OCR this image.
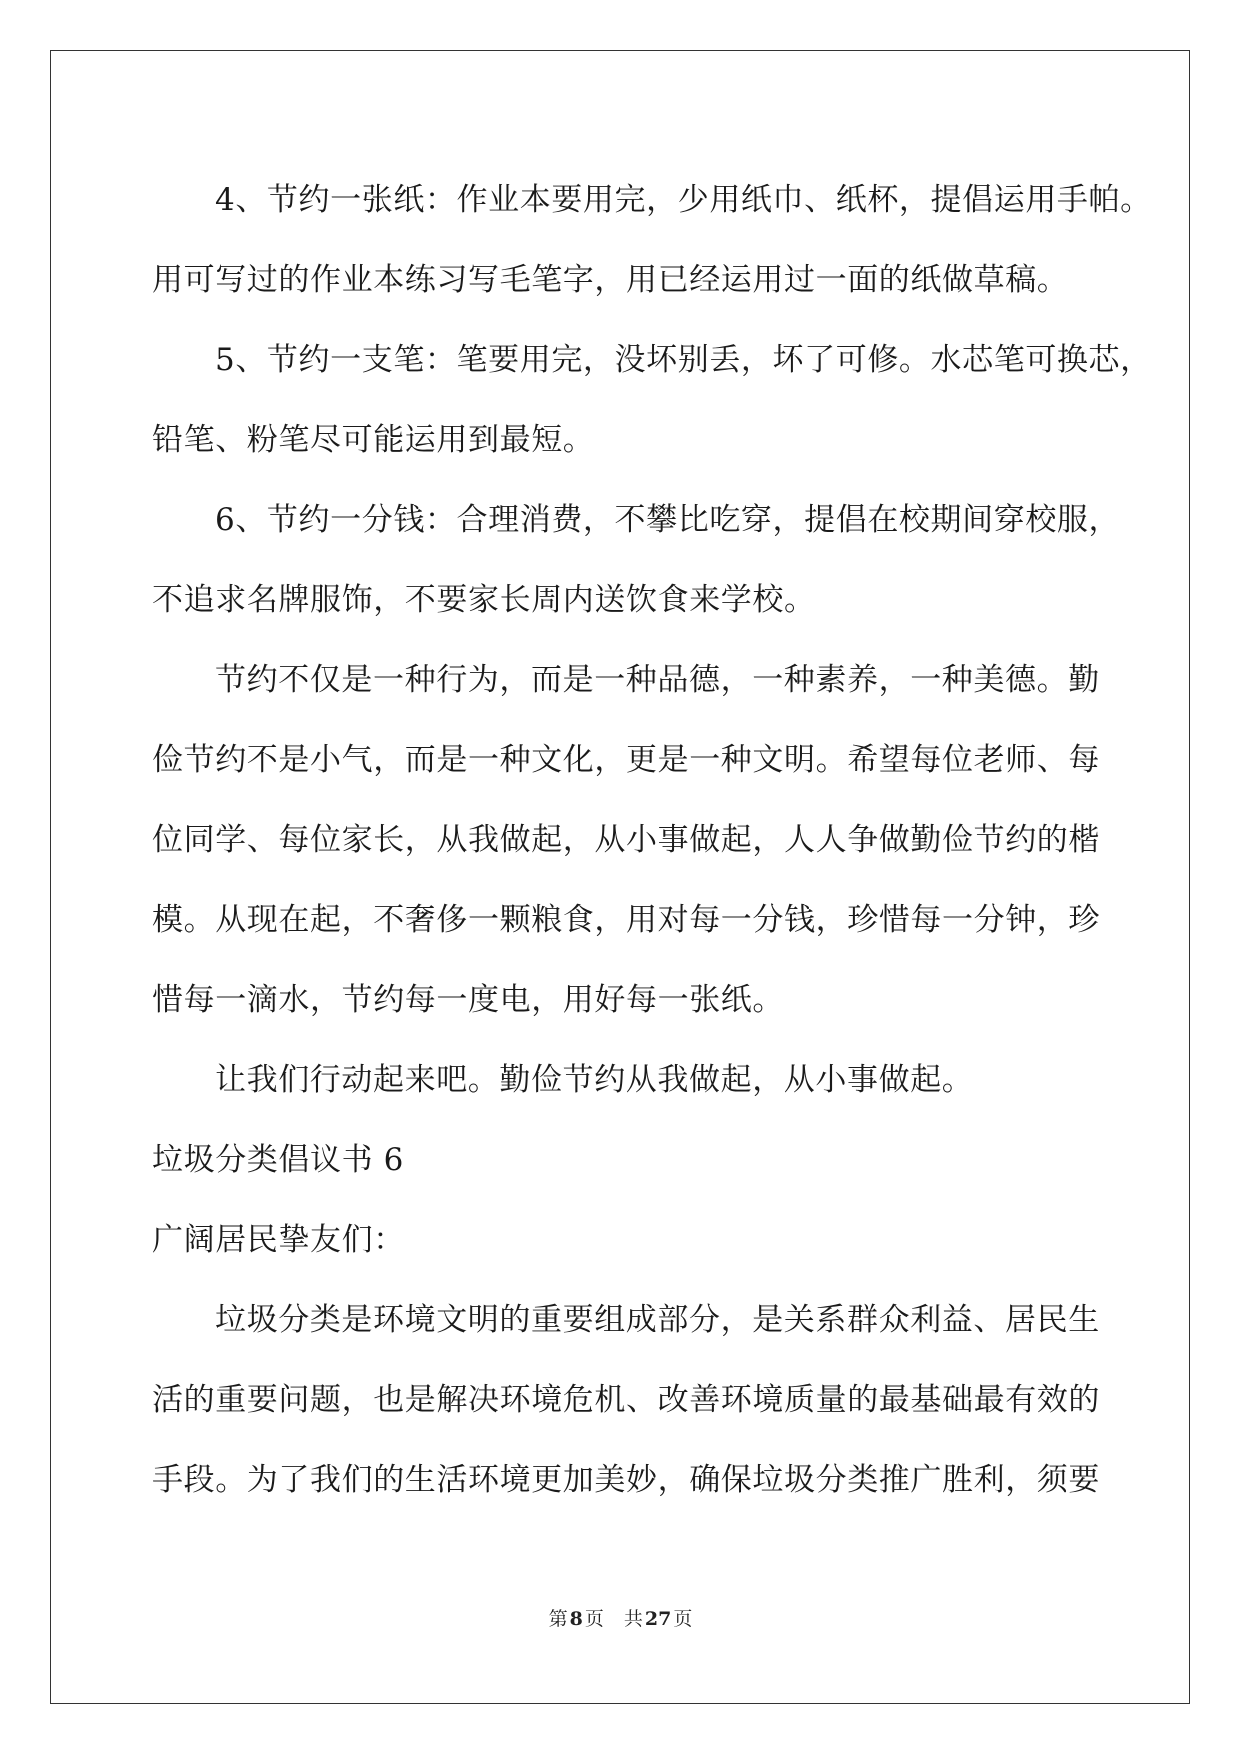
4、节约一张纸：作业本要用完，少用纸巾、纸杯，提倡运用手帕。
用可写过的作业本练习写毛笔字，用已经运用过一面的纸做草稿。
5、节约一支笔：笔要用完，没坏别丢，坏了可修。水芯笔可换芯，
铅笔、粉笔尽可能运用到最短。
6、节约一分钱：合理消费，不攀比吃穿，提倡在校期间穿校服，
不追求名牌服饰，不要家长周内送饮食来学校。
节约不仅是一种行为，而是一种品德，一种素养，一种美德。勤
俭节约不是小气，而是一种文化，更是一种文明。希望每位老师、每
位同学、每位家长，从我做起，从小事做起，人人争做勤俭节约的楷
模。从现在起，不奢侈一颗粮食，用对每一分钱，珍惜每一分钟，珍
惜每一滴水，节约每一度电，用好每一张纸。
让我们行动起来吧。勤俭节约从我做起，从小事做起。
垃圾分类倡议书 6
广阔居民挚友们：
垃圾分类是环境文明的重要组成部分，是关系群众利益、居民生
活的重要问题，也是解决环境危机、改善环境质量的最基础最有效的
手段。为了我们的生活环境更加美妙，确保垃圾分类推广胜利，须要
第 8 页 共 27 页
